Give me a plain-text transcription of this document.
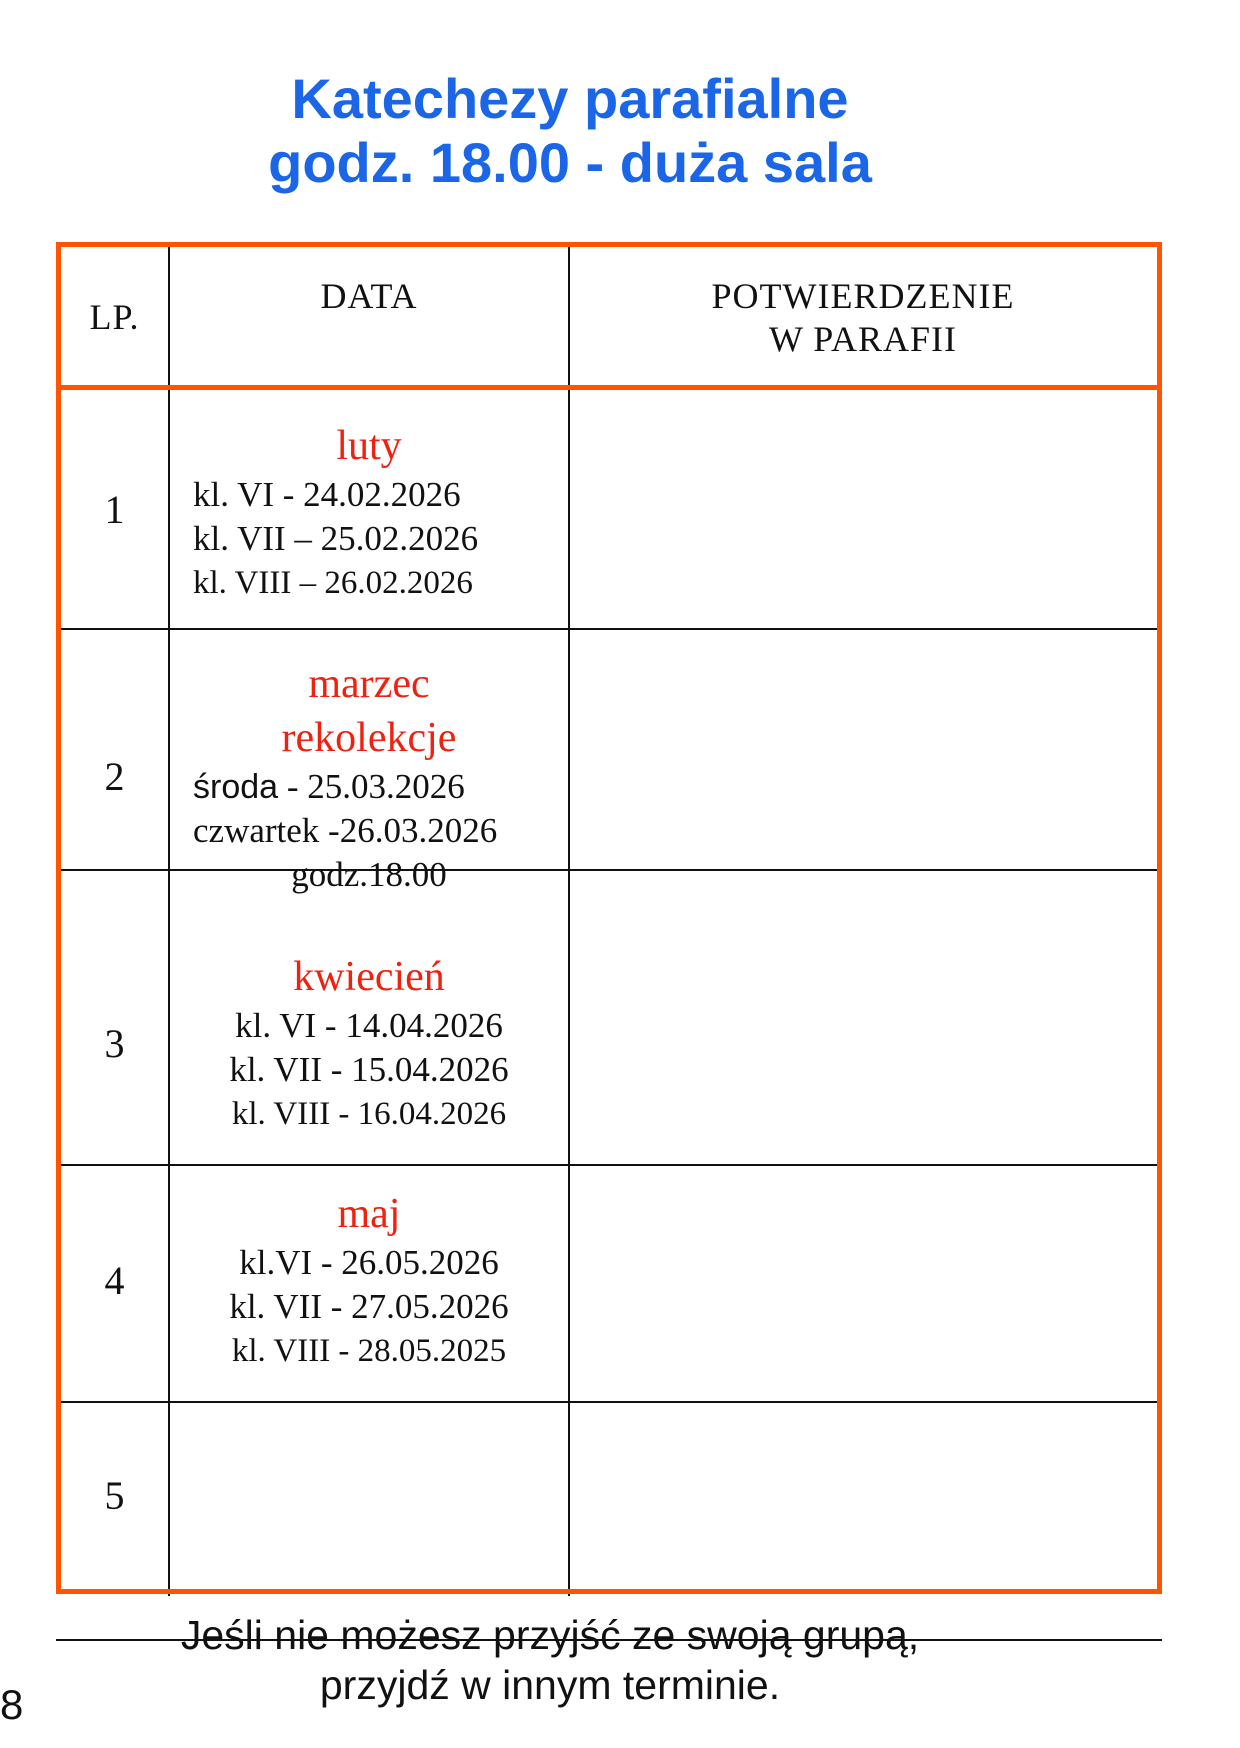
Katechezy parafialne
godz. 18.00 - duża sala
LP.
DATA	POTWIERDZENIE
W PARAFII
1
luty
kl. VI - 24.02.2026
kl. VII – 25.02.2026
kl. VIII – 26.02.2026
2
marzec
rekolekcje
środa - 25.03.2026
czwartek -26.03.2026
godz.18.00
3
kwiecień
kl. VI - 14.04.2026
kl. VII - 15.04.2026
kl. VIII - 16.04.2026
4
maj
kl.VI - 26.05.2026
kl. VII - 27.05.2026
kl. VIII - 28.05.2025
5

Jeśli nie możesz przyjść ze swoją grupą,

przyjdź w innym terminie.

8
